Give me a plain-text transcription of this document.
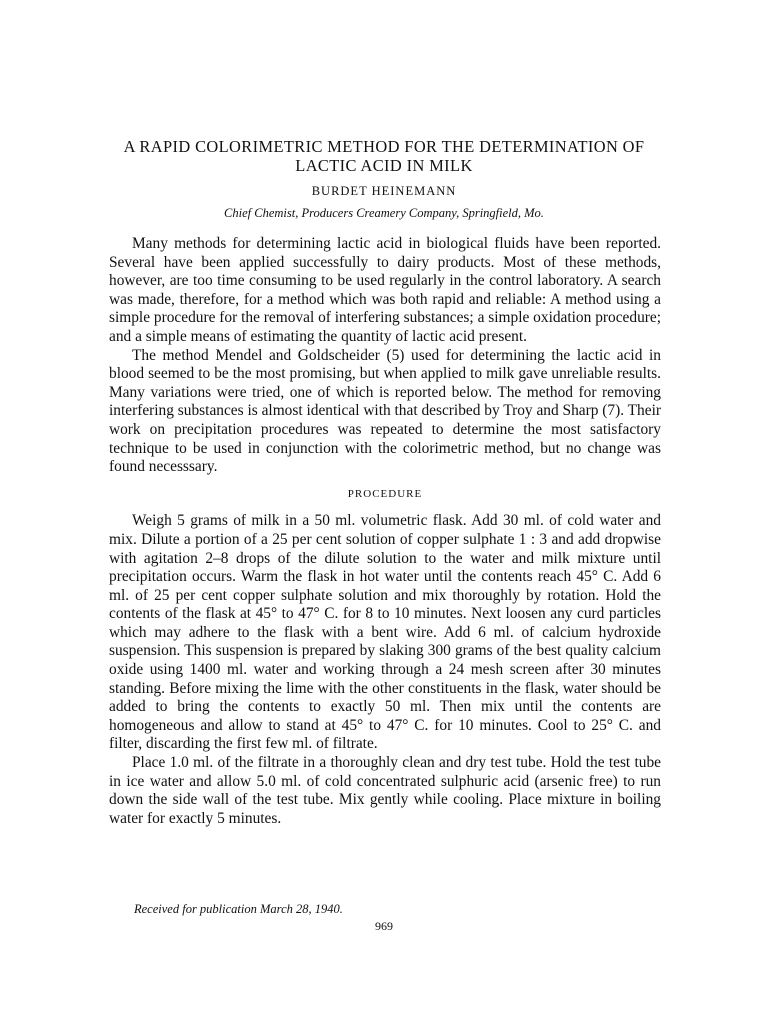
A RAPID COLORIMETRIC METHOD FOR THE DETERMINATION OF LACTIC ACID IN MILK
BURDET HEINEMANN
Chief Chemist, Producers Creamery Company, Springfield, Mo.

Many methods for determining lactic acid in biological fluids have been reported. Several have been applied successfully to dairy products. Most of these methods, however, are too time consuming to be used regularly in the control laboratory. A search was made, therefore, for a method which was both rapid and reliable: A method using a simple procedure for the removal of interfering substances; a simple oxidation procedure; and a simple means of estimating the quantity of lactic acid present.

The method Mendel and Goldscheider (5) used for determining the lactic acid in blood seemed to be the most promising, but when applied to milk gave unreliable results. Many variations were tried, one of which is reported below. The method for removing interfering substances is almost identical with that described by Troy and Sharp (7). Their work on precipitation procedures was repeated to determine the most satisfactory technique to be used in conjunction with the colorimetric method, but no change was found necesssary.

PROCEDURE

Weigh 5 grams of milk in a 50 ml. volumetric flask. Add 30 ml. of cold water and mix. Dilute a portion of a 25 per cent solution of copper sulphate 1 : 3 and add dropwise with agitation 2–8 drops of the dilute solution to the water and milk mixture until precipitation occurs. Warm the flask in hot water until the contents reach 45° C. Add 6 ml. of 25 per cent copper sulphate solution and mix thoroughly by rotation. Hold the contents of the flask at 45° to 47° C. for 8 to 10 minutes. Next loosen any curd particles which may adhere to the flask with a bent wire. Add 6 ml. of calcium hydroxide suspension. This suspension is prepared by slaking 300 grams of the best quality calcium oxide using 1400 ml. water and working through a 24 mesh screen after 30 minutes standing. Before mixing the lime with the other constituents in the flask, water should be added to bring the contents to exactly 50 ml. Then mix until the contents are homogeneous and allow to stand at 45° to 47° C. for 10 minutes. Cool to 25° C. and filter, discarding the first few ml. of filtrate.

Place 1.0 ml. of the filtrate in a thoroughly clean and dry test tube. Hold the test tube in ice water and allow 5.0 ml. of cold concentrated sulphuric acid (arsenic free) to run down the side wall of the test tube. Mix gently while cooling. Place mixture in boiling water for exactly 5 minutes.

Received for publication March 28, 1940.
969
